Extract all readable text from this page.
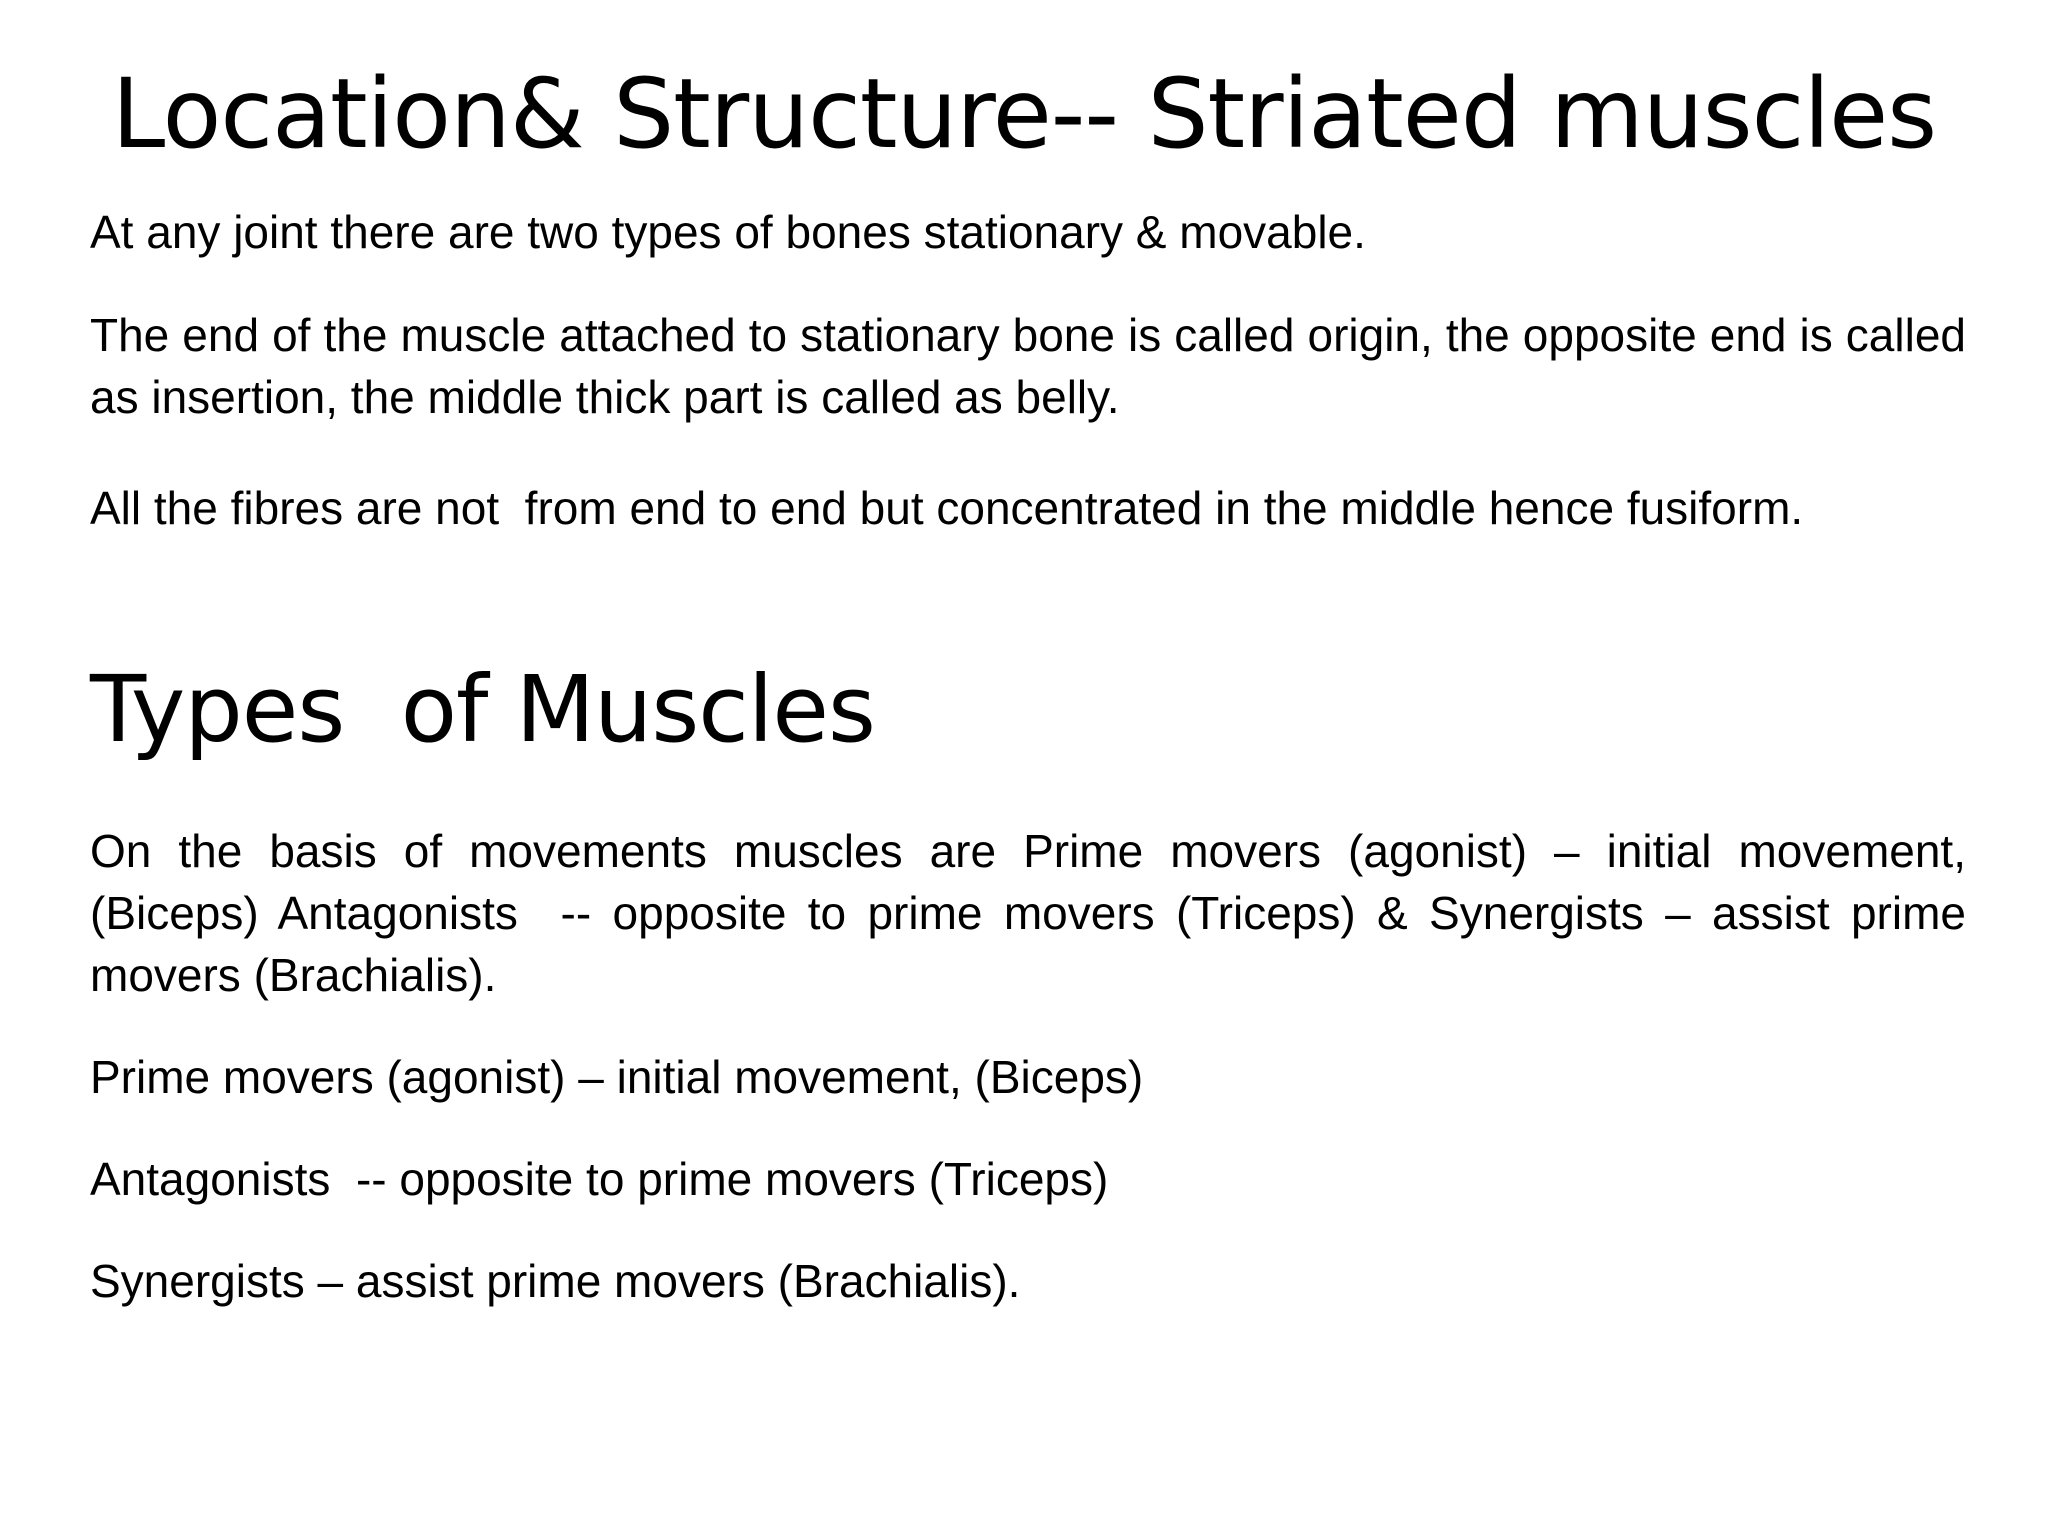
Location& Structure-- Striated muscles

At any joint there are two types of bones stationary & movable.

The end of the muscle attached to stationary bone is called origin, the opposite end is called as insertion, the middle thick part is called as belly.

All the fibres are not  from end to end but concentrated in the middle hence fusiform.

Types  of Muscles

On the basis of movements muscles are Prime movers (agonist) – initial movement, (Biceps) Antagonists  -- opposite to prime movers (Triceps) & Synergists – assist prime movers (Brachialis).

Prime movers (agonist) – initial movement, (Biceps)

Antagonists  -- opposite to prime movers (Triceps)

Synergists – assist prime movers (Brachialis).
